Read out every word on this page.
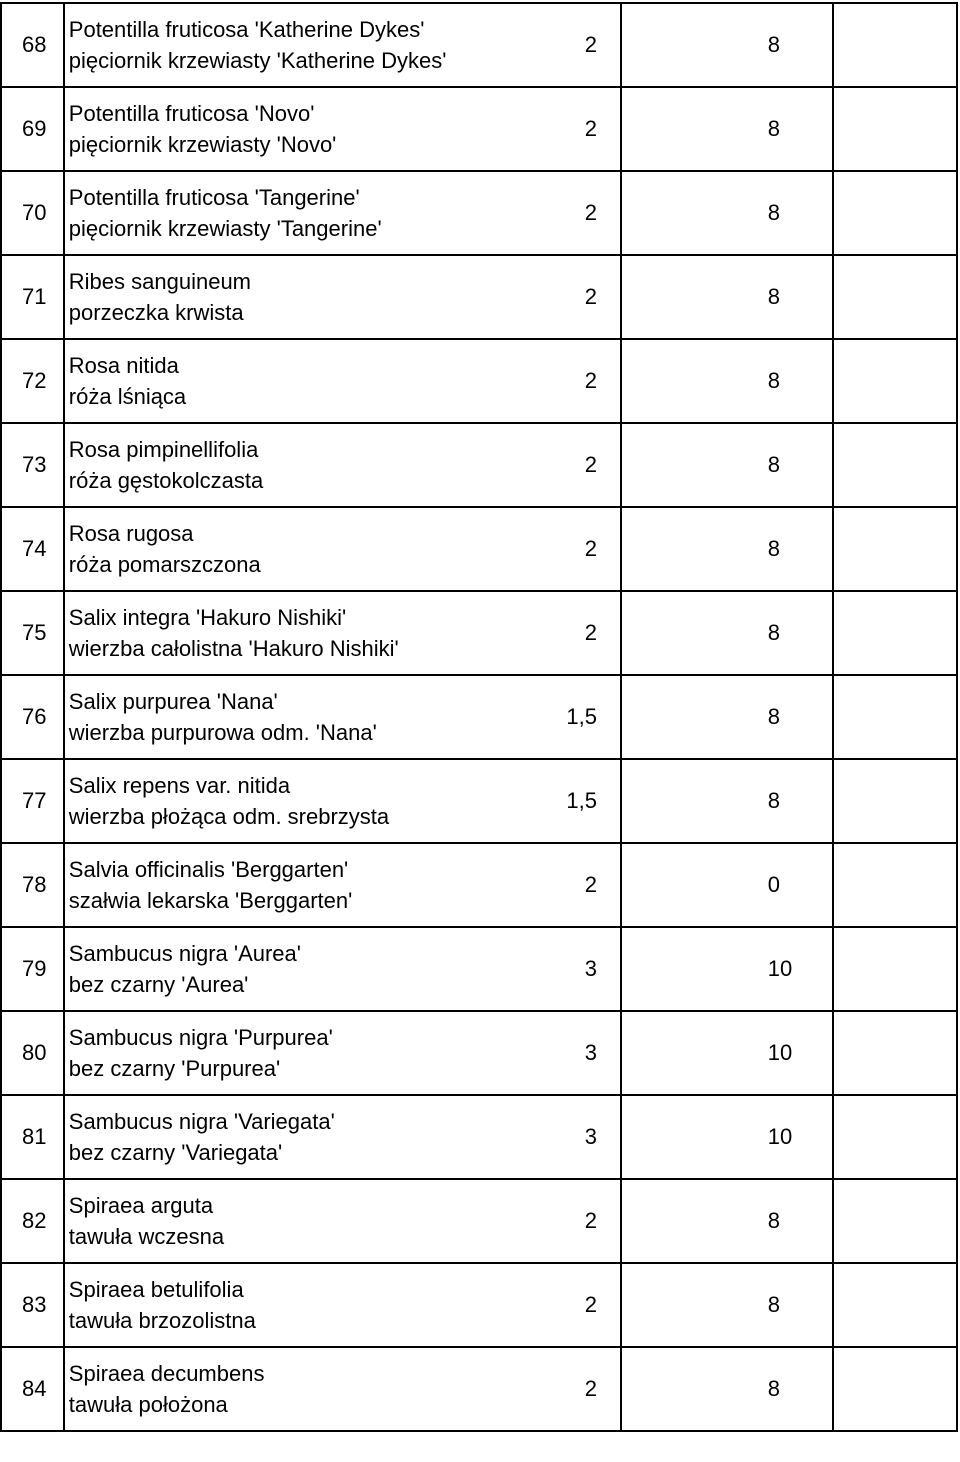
68	Potentilla fruticosa 'Katherine Dykes'
pięciornik krzewiasty 'Katherine Dykes'	2 8		

69	Potentilla fruticosa 'Novo'
pięciornik krzewiasty 'Novo'	2 8		

70	Potentilla fruticosa 'Tangerine'
pięciornik krzewiasty 'Tangerine'	2 8		

71	Ribes sanguineum
porzeczka krwista	2 8		

72	Rosa nitida
róża lśniąca	2 8		

73	Rosa pimpinellifolia
róża gęstokolczasta	2 8		

74	Rosa rugosa
róża pomarszczona	2 8		

75	Salix integra 'Hakuro Nishiki'
wierzba całolistna 'Hakuro Nishiki'	2 8		

76	Salix purpurea 'Nana'
wierzba purpurowa odm. 'Nana'	1,5 8		

77	Salix repens var. nitida
wierzba płożąca odm. srebrzysta	1,5 8		

78	Salvia officinalis 'Berggarten'
szałwia lekarska 'Berggarten'	2 0		

79	Sambucus nigra 'Aurea'
bez czarny 'Aurea'	3 10		

80	Sambucus nigra 'Purpurea'
bez czarny 'Purpurea'	3 10		

81	Sambucus nigra 'Variegata'
bez czarny 'Variegata'	3 10		

82	Spiraea arguta
tawuła wczesna	2 8		

83	Spiraea betulifolia
tawuła brzozolistna	2 8		

84	Spiraea decumbens
tawuła położona	2 8		
